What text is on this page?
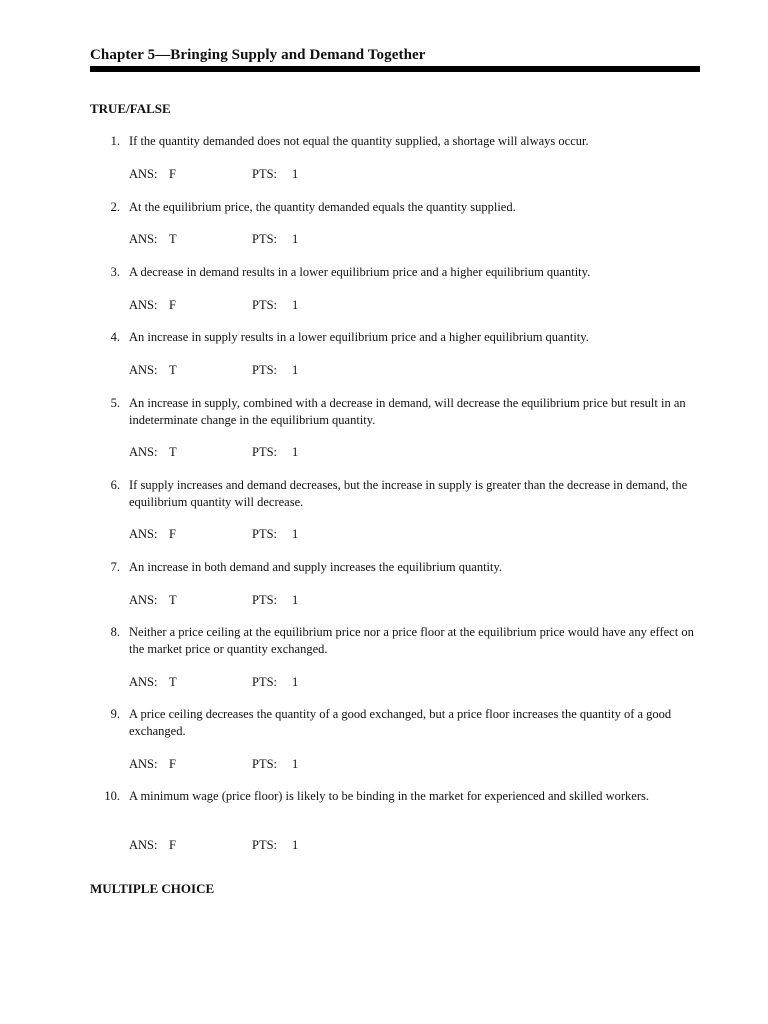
Chapter 5—Bringing Supply and Demand Together
TRUE/FALSE
1. If the quantity demanded does not equal the quantity supplied, a shortage will always occur.
ANS: F	PTS: 1
2. At the equilibrium price, the quantity demanded equals the quantity supplied.
ANS: T	PTS: 1
3. A decrease in demand results in a lower equilibrium price and a higher equilibrium quantity.
ANS: F	PTS: 1
4. An increase in supply results in a lower equilibrium price and a higher equilibrium quantity.
ANS: T	PTS: 1
5. An increase in supply, combined with a decrease in demand, will decrease the equilibrium price but result in an indeterminate change in the equilibrium quantity.
ANS: T	PTS: 1
6. If supply increases and demand decreases, but the increase in supply is greater than the decrease in demand, the equilibrium quantity will decrease.
ANS: F	PTS: 1
7. An increase in both demand and supply increases the equilibrium quantity.
ANS: T	PTS: 1
8. Neither a price ceiling at the equilibrium price nor a price floor at the equilibrium price would have any effect on the market price or quantity exchanged.
ANS: T	PTS: 1
9. A price ceiling decreases the quantity of a good exchanged, but a price floor increases the quantity of a good exchanged.
ANS: F	PTS: 1
10. A minimum wage (price floor) is likely to be binding in the market for experienced and skilled workers.
ANS: F	PTS: 1
MULTIPLE CHOICE
